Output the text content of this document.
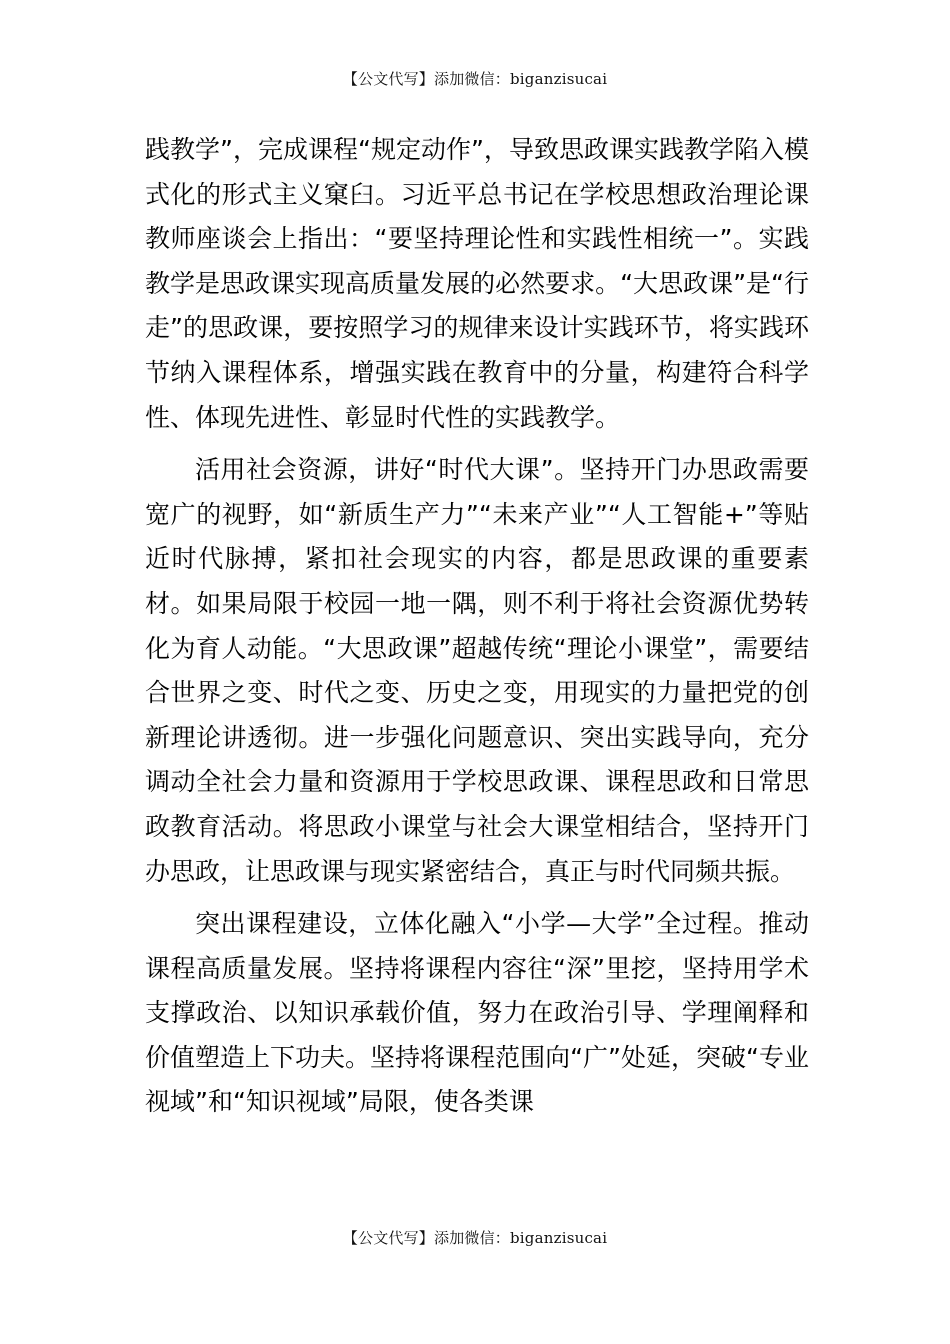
【公文代写】添加微信：biganzisucai

践教学”，完成课程“规定动作”，导致思政课实践教学陷入模式化的形式主义窠臼。习近平总书记在学校思想政治理论课教师座谈会上指出：“要坚持理论性和实践性相统一”。实践教学是思政课实现高质量发展的必然要求。“大思政课”是“行走”的思政课，要按照学习的规律来设计实践环节，将实践环节纳入课程体系，增强实践在教育中的分量，构建符合科学性、体现先进性、彰显时代性的实践教学。

活用社会资源，讲好“时代大课”。坚持开门办思政需要宽广的视野，如“新质生产力”“未来产业”“人工智能+”等贴近时代脉搏，紧扣社会现实的内容，都是思政课的重要素材。如果局限于校园一地一隅，则不利于将社会资源优势转化为育人动能。“大思政课”超越传统“理论小课堂”，需要结合世界之变、时代之变、历史之变，用现实的力量把党的创新理论讲透彻。进一步强化问题意识、突出实践导向，充分调动全社会力量和资源用于学校思政课、课程思政和日常思政教育活动。将思政小课堂与社会大课堂相结合，坚持开门办思政，让思政课与现实紧密结合，真正与时代同频共振。

突出课程建设，立体化融入“小学—大学”全过程。推动课程高质量发展。坚持将课程内容往“深”里挖，坚持用学术支撑政治、以知识承载价值，努力在政治引导、学理阐释和价值塑造上下功夫。坚持将课程范围向“广”处延，突破“专业视域”和“知识视域”局限，使各类课

【公文代写】添加微信：biganzisucai
